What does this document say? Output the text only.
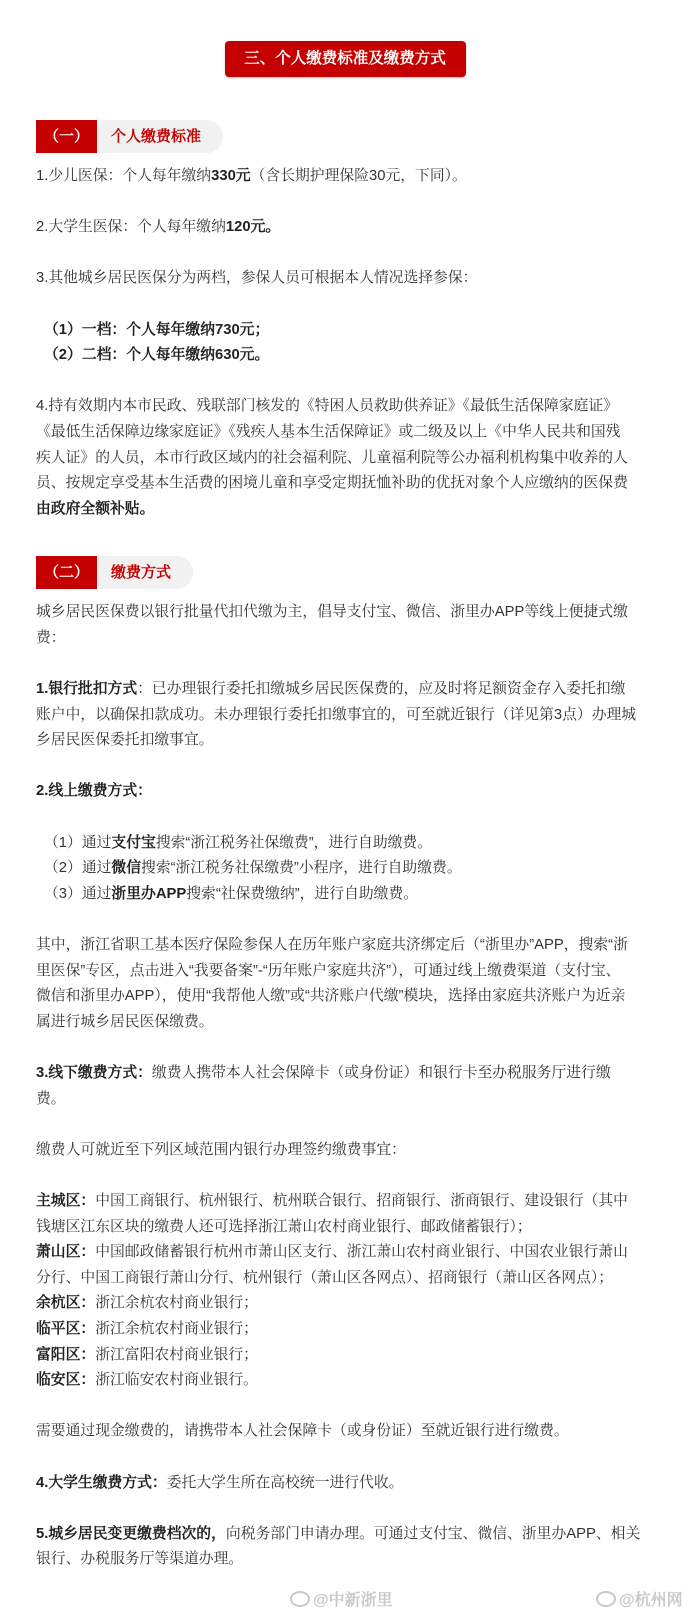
三、个人缴费标准及缴费方式
（一）	个人缴费标准
1.少儿医保：个人每年缴纳330元（含长期护理保险30元，下同）。
2.大学生医保：个人每年缴纳120元。
3.其他城乡居民医保分为两档，参保人员可根据本人情况选择参保：
（1）一档：个人每年缴纳730元；
（2）二档：个人每年缴纳630元。
4.持有效期内本市民政、残联部门核发的《特困人员救助供养证》《最低生活保障家庭证》
《最低生活保障边缘家庭证》《残疾人基本生活保障证》或二级及以上《中华人民共和国残
疾人证》的人员，本市行政区域内的社会福利院、儿童福利院等公办福利机构集中收养的人
员、按规定享受基本生活费的困境儿童和享受定期抚恤补助的优抚对象个人应缴纳的医保费
由政府全额补贴。
（二）	缴费方式
城乡居民医保费以银行批量代扣代缴为主，倡导支付宝、微信、浙里办APP等线上便捷式缴
费：
1.银行批扣方式：已办理银行委托扣缴城乡居民医保费的，应及时将足额资金存入委托扣缴
账户中，以确保扣款成功。未办理银行委托扣缴事宜的，可至就近银行（详见第3点）办理城
乡居民医保委托扣缴事宜。
2.线上缴费方式：
（1）通过支付宝搜索“浙江税务社保缴费”，进行自助缴费。
（2）通过微信搜索“浙江税务社保缴费”小程序，进行自助缴费。
（3）通过浙里办APP搜索“社保费缴纳”，进行自助缴费。
其中，浙江省职工基本医疗保险参保人在历年账户家庭共济绑定后（“浙里办”APP，搜索“浙
里医保”专区，点击进入“我要备案”-“历年账户家庭共济”），可通过线上缴费渠道（支付宝、
微信和浙里办APP），使用“我帮他人缴”或“共济账户代缴”模块，选择由家庭共济账户为近亲
属进行城乡居民医保缴费。
3.线下缴费方式：缴费人携带本人社会保障卡（或身份证）和银行卡至办税服务厅进行缴
费。
缴费人可就近至下列区域范围内银行办理签约缴费事宜：
主城区：中国工商银行、杭州银行、杭州联合银行、招商银行、浙商银行、建设银行（其中
钱塘区江东区块的缴费人还可选择浙江萧山农村商业银行、邮政储蓄银行）；
萧山区：中国邮政储蓄银行杭州市萧山区支行、浙江萧山农村商业银行、中国农业银行萧山
分行、中国工商银行萧山分行、杭州银行（萧山区各网点）、招商银行（萧山区各网点）；
余杭区：浙江余杭农村商业银行；
临平区：浙江余杭农村商业银行；
富阳区：浙江富阳农村商业银行；
临安区：浙江临安农村商业银行。
需要通过现金缴费的，请携带本人社会保障卡（或身份证）至就近银行进行缴费。
4.大学生缴费方式：委托大学生所在高校统一进行代收。
5.城乡居民变更缴费档次的，向税务部门申请办理。可通过支付宝、微信、浙里办APP、相关
银行、办税服务厅等渠道办理。
@中新浙里	@杭州网
